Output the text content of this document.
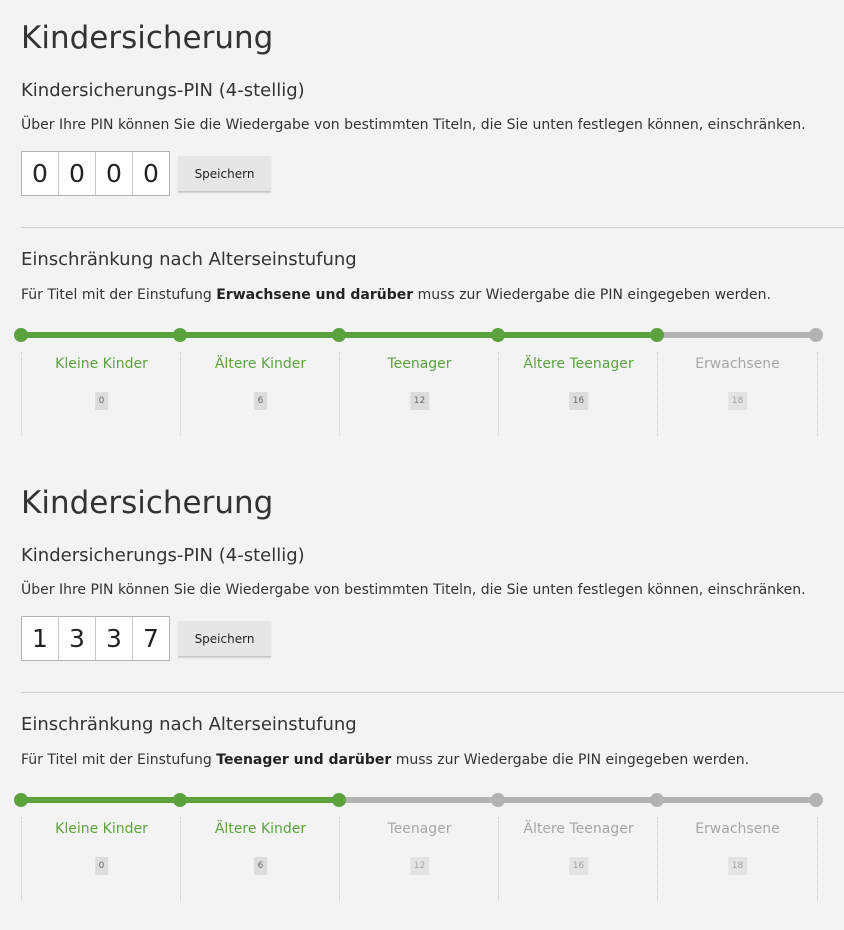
Kindersicherung
Kindersicherungs-PIN (4-stellig)

Über Ihre PIN können Sie die Wiedergabe von bestimmten Titeln, die Sie unten festlegen können, einschränken.

0 0 0 0	Speichern
Einschränkung nach Alterseinstufung

Für Titel mit der Einstufung Erwachsene und darüber muss zur Wiedergabe die PIN eingegeben werden.

Kleine Kinder
0
Ältere Kinder
6
Teenager
12
Ältere Teenager
16
Erwachsene
18
Kindersicherung
Kindersicherungs-PIN (4-stellig)

Über Ihre PIN können Sie die Wiedergabe von bestimmten Titeln, die Sie unten festlegen können, einschränken.

1 3 3 7	Speichern
Einschränkung nach Alterseinstufung

Für Titel mit der Einstufung Teenager und darüber muss zur Wiedergabe die PIN eingegeben werden.

Kleine Kinder
0
Ältere Kinder
6
Teenager
12
Ältere Teenager
16
Erwachsene
18
